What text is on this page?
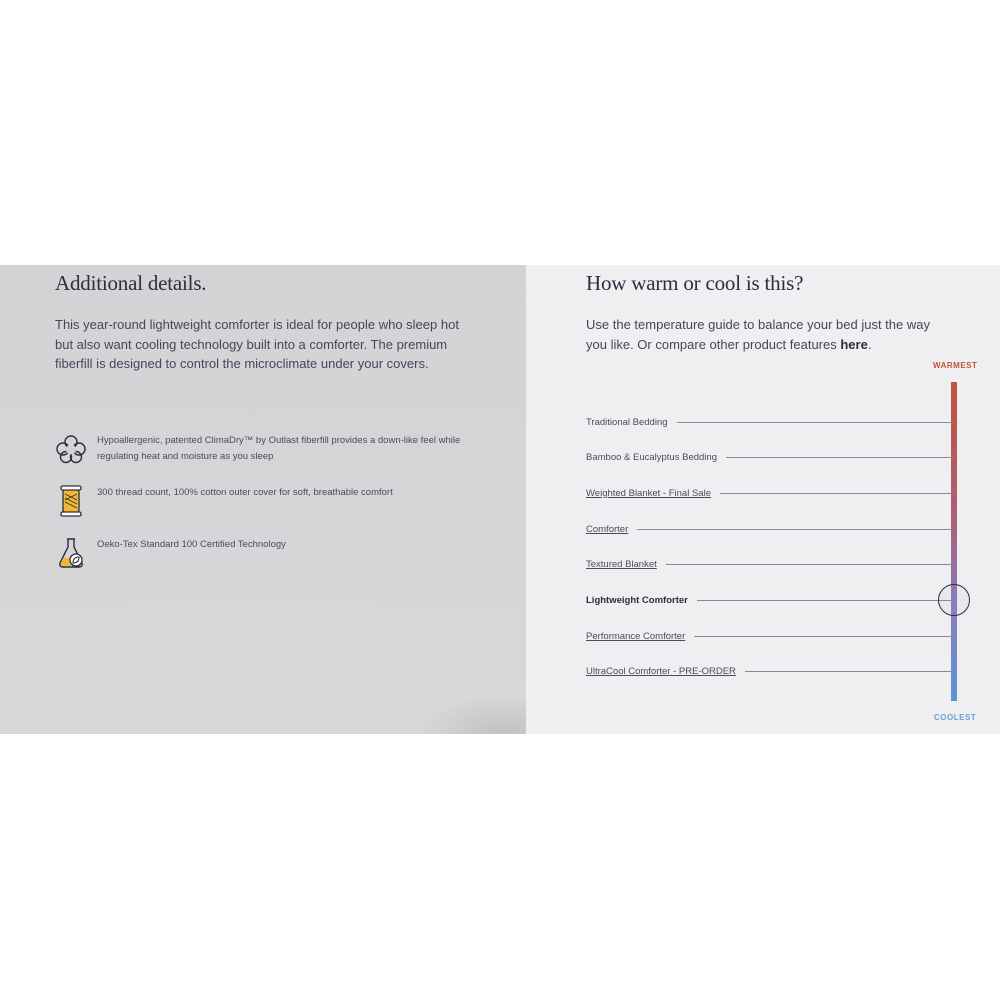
Additional details.

This year-round lightweight comforter is ideal for people who sleep hot but also want cooling technology built into a comforter. The premium fiberfill is designed to control the microclimate under your covers.

Hypoallergenic, patented ClimaDry™ by Outlast fiberfill provides a down-like feel while regulating heat and moisture as you sleep
300 thread count, 100% cotton outer cover for soft, breathable comfort
Oeko-Tex Standard 100 Certified Technology
How warm or cool is this?

Use the temperature guide to balance your bed just the way you like. Or compare other product features here.

WARMEST
COOLEST
Traditional Bedding
Bamboo & Eucalyptus Bedding
Weighted Blanket - Final Sale
Comforter
Textured Blanket
Lightweight Comforter
Performance Comforter
UltraCool Comforter - PRE-ORDER
